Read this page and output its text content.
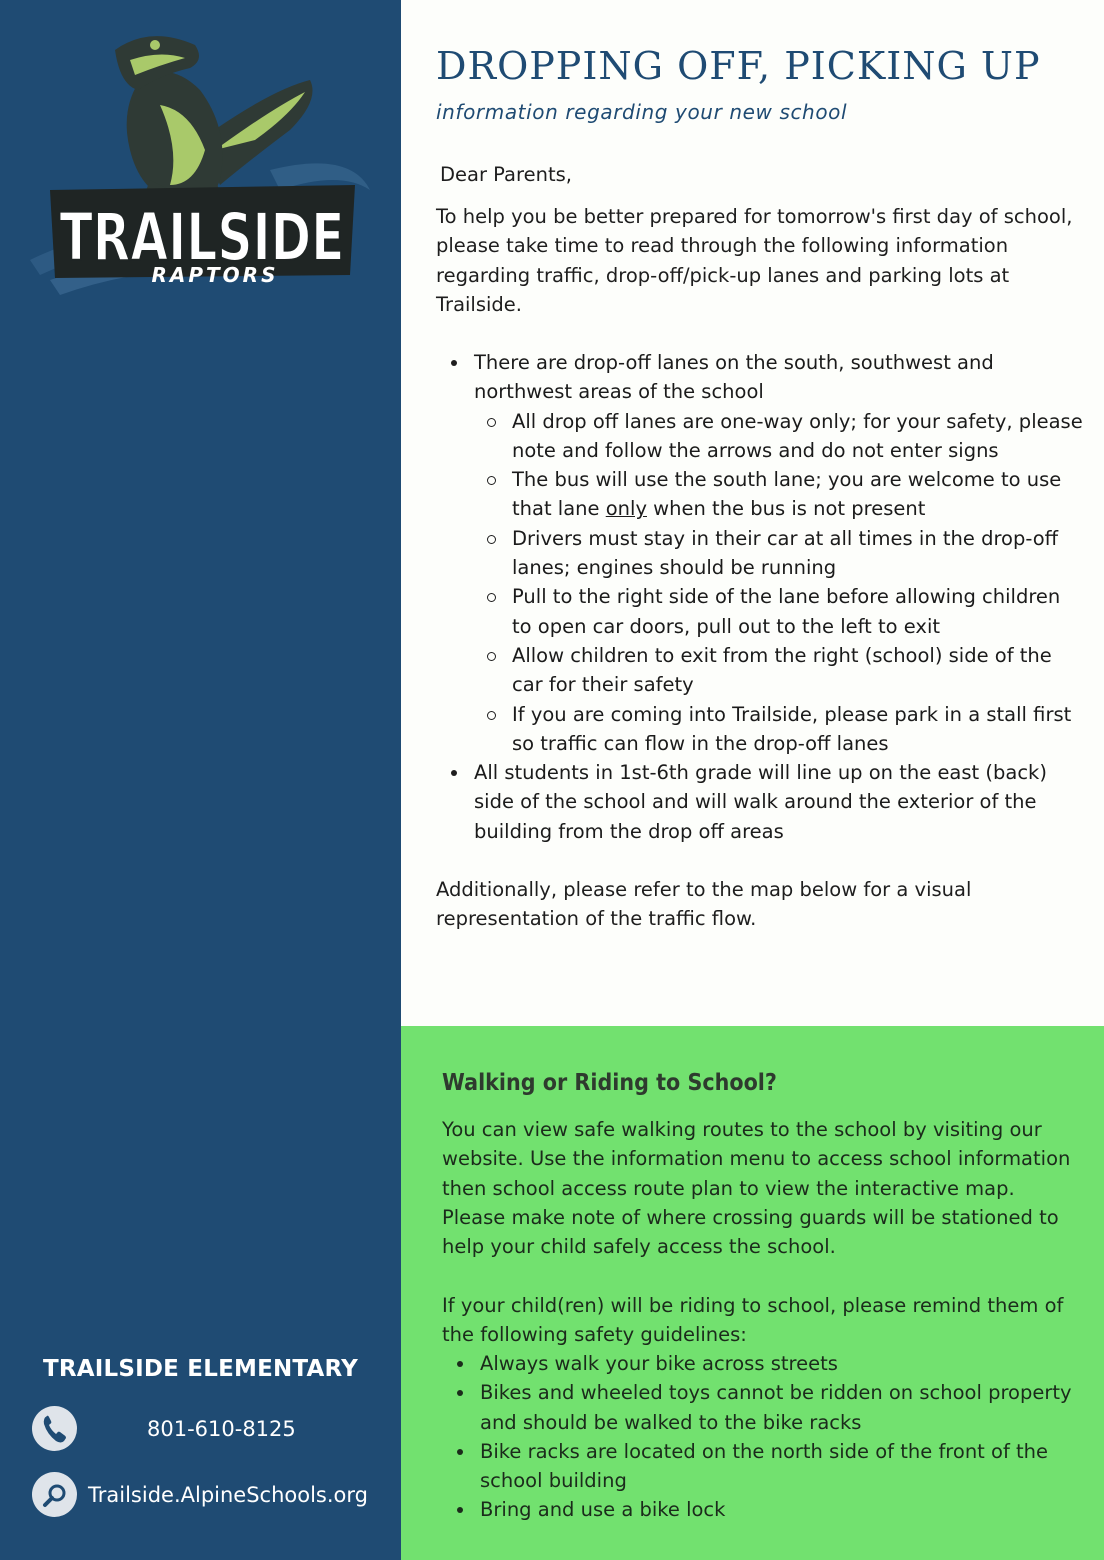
TRAILSIDE
RAPTORS
TRAILSIDE ELEMENTARY
801-610-8125
Trailside.AlpineSchools.org
DROPPING OFF, PICKING UP
information regarding your new school
Dear Parents,
To help you be better prepared for tomorrow's first day of school, please take time to read through the following information regarding traffic, drop-off/pick-up lanes and parking lots at Trailside.
There are drop-off lanes on the south, southwest and northwest areas of the school
All drop off lanes are one-way only; for your safety, please note and follow the arrows and do not enter signs
The bus will use the south lane; you are welcome to use that lane only when the bus is not present
Drivers must stay in their car at all times in the drop-off lanes; engines should be running
Pull to the right side of the lane before allowing children to open car doors, pull out to the left to exit
Allow children to exit from the right (school) side of the car for their safety
If you are coming into Trailside, please park in a stall first so traffic can flow in the drop-off lanes
All students in 1st-6th grade will line up on the east (back) side of the school and will walk around the exterior of the building from the drop off areas
Additionally, please refer to the map below for a visual representation of the traffic flow.
Walking or Riding to School?
You can view safe walking routes to the school by visiting our website. Use the information menu to access school information then school access route plan to view the interactive map. Please make note of where crossing guards will be stationed to help your child safely access the school.
If your child(ren) will be riding to school, please remind them of the following safety guidelines:
Always walk your bike across streets
Bikes and wheeled toys cannot be ridden on school property and should be walked to the bike racks
Bike racks are located on the north side of the front of the school building
Bring and use a bike lock
